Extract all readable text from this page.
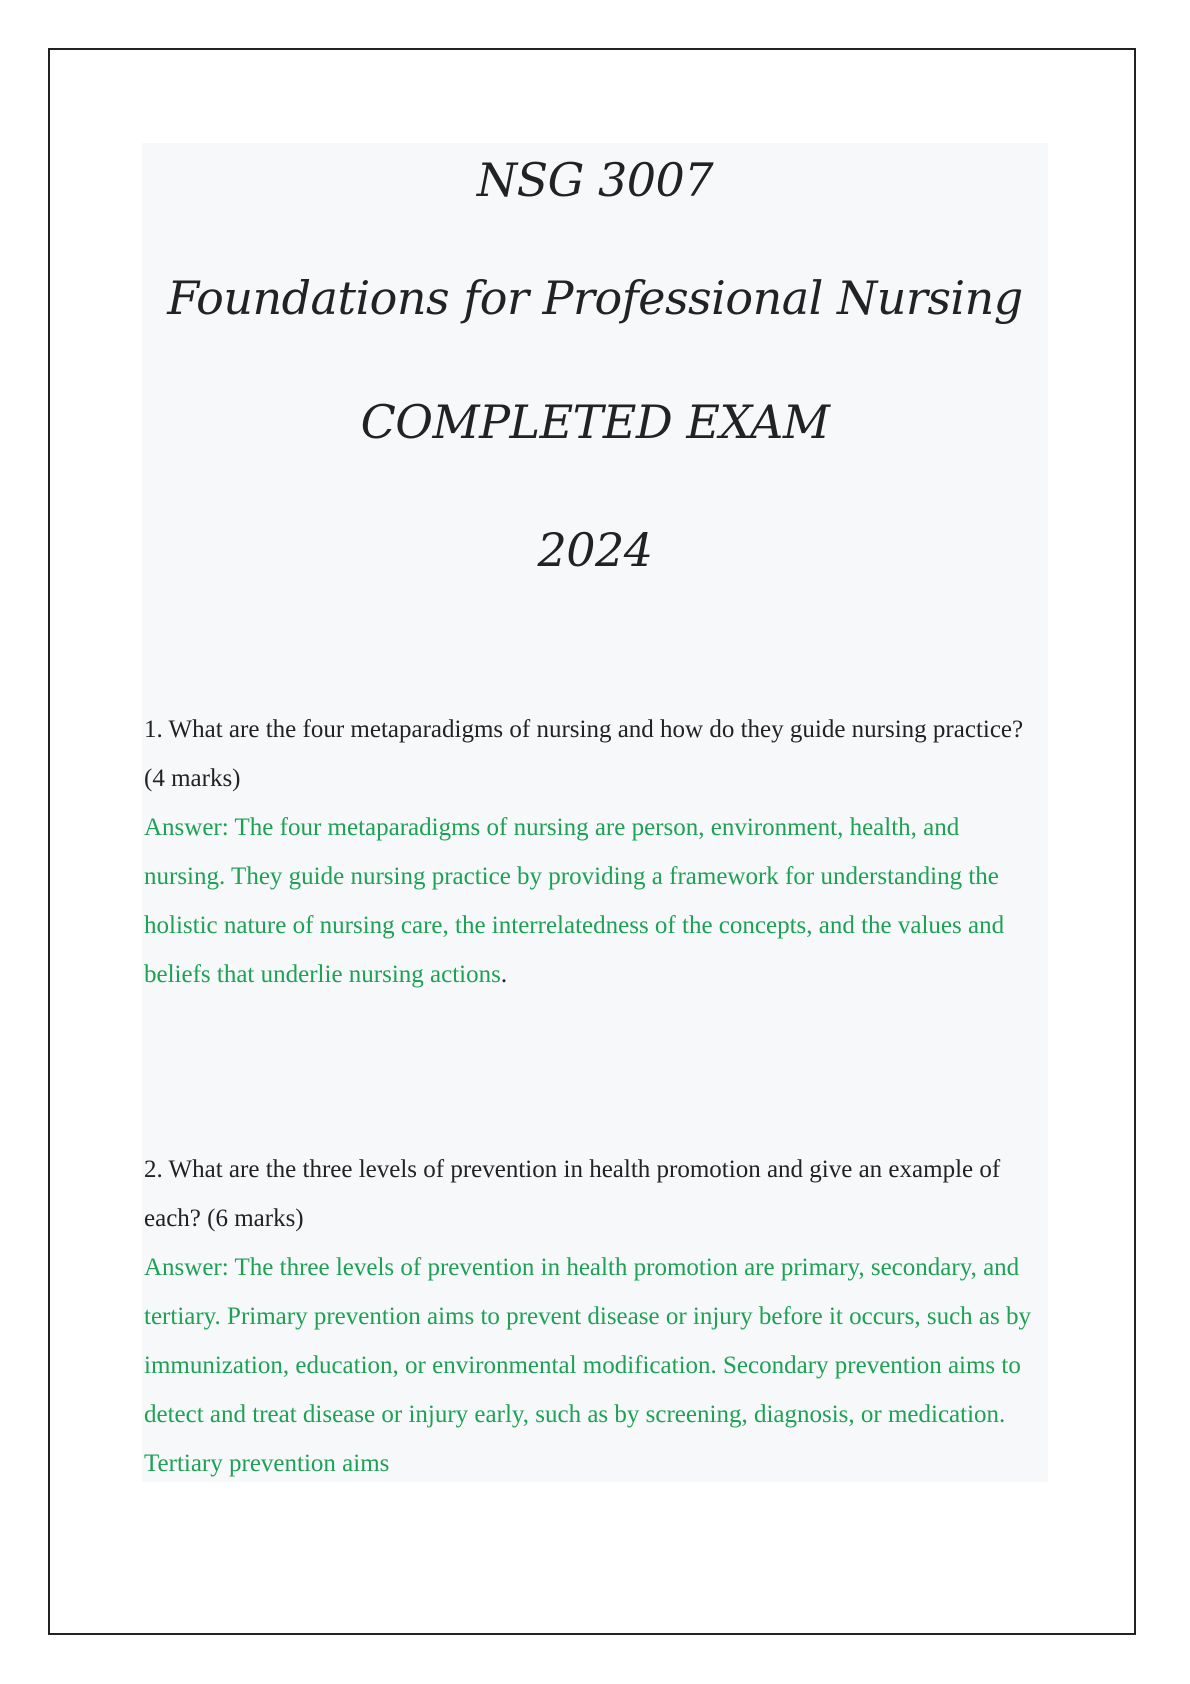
NSG 3007
Foundations for Professional Nursing
COMPLETED EXAM
2024
1. What are the four metaparadigms of nursing and how do they guide nursing practice? (4 marks)
Answer: The four metaparadigms of nursing are person, environment, health, and nursing. They guide nursing practice by providing a framework for understanding the holistic nature of nursing care, the interrelatedness of the concepts, and the values and beliefs that underlie nursing actions.
2. What are the three levels of prevention in health promotion and give an example of each? (6 marks)
Answer: The three levels of prevention in health promotion are primary, secondary, and tertiary. Primary prevention aims to prevent disease or injury before it occurs, such as by immunization, education, or environmental modification. Secondary prevention aims to detect and treat disease or injury early, such as by screening, diagnosis, or medication. Tertiary prevention aims
